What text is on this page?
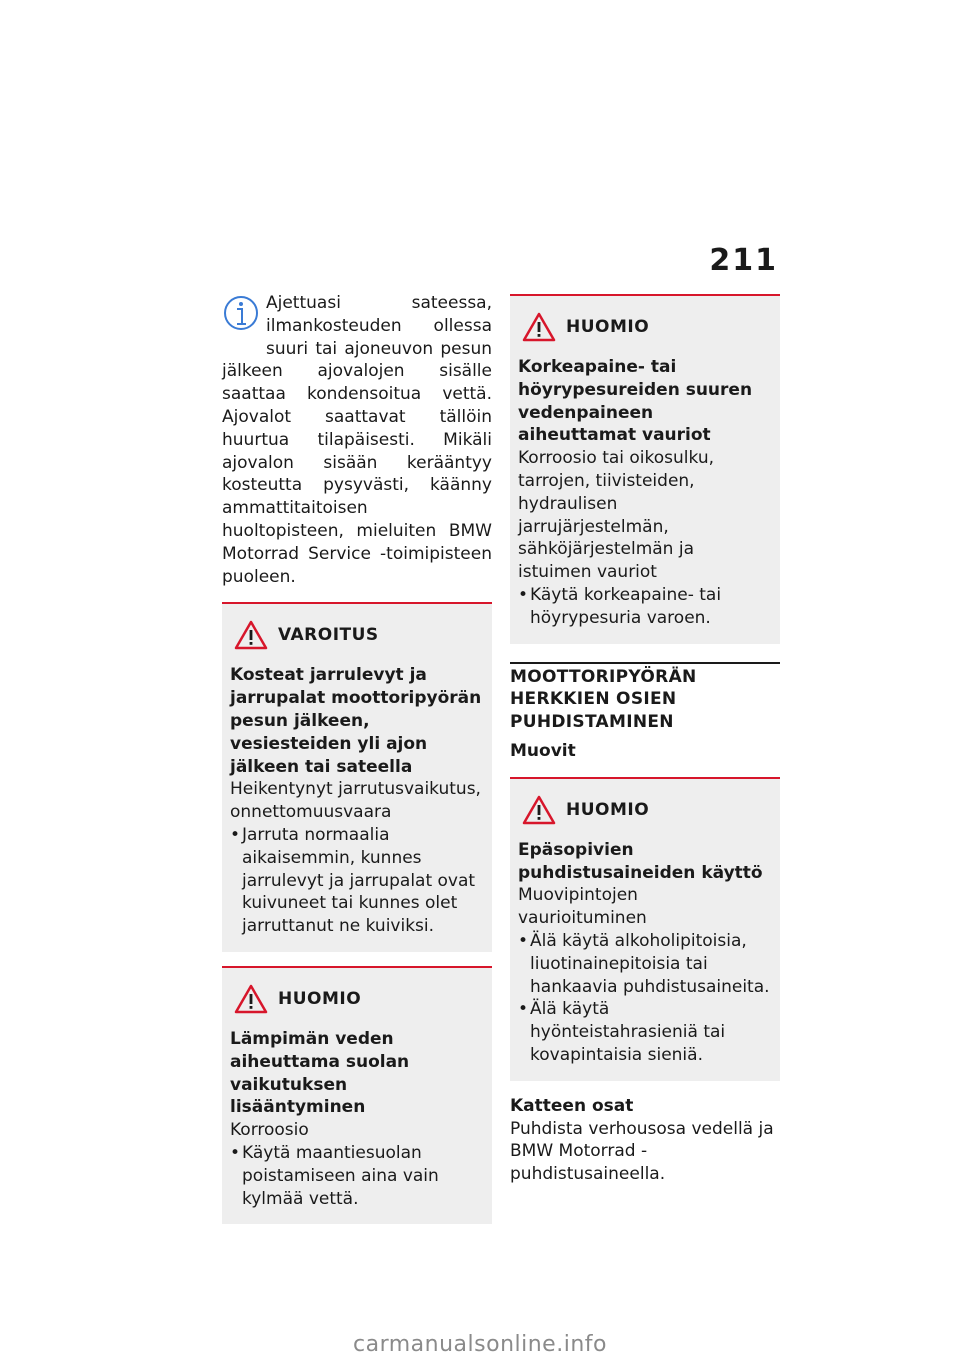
211

Ajettuasi sateessa, ilmankosteuden ollessa suuri tai ajoneuvon pesun jälkeen ajovalojen sisälle saattaa kondensoitua vettä. Ajovalot saattavat tällöin huurtua tilapäisesti. Mikäli ajovalon sisään kerääntyy kosteutta pysyvästi, käänny ammattitaitoisen huoltopisteen, mieluiten BMW Motorrad Service -toimipisteen puoleen.

VAROITUS

Kosteat jarrulevyt ja jarrupalat moottoripyörän pesun jälkeen, vesiesteiden yli ajon jälkeen tai sateella

Heikentynyt jarrutusvaikutus, onnettomuusvaara

• Jarruta normaalia aikaisemmin, kunnes jarrulevyt ja jarrupalat ovat kuivuneet tai kunnes olet jarruttanut ne kuiviksi.
HUOMIO

Lämpimän veden aiheuttama suolan vaikutuksen lisääntyminen

Korroosio

• Käytä maantiesuolan poistamiseen aina vain kylmää vettä.
HUOMIO

Korkeapaine- tai höyrypesureiden suuren vedenpaineen aiheuttamat vauriot

Korroosio tai oikosulku, tarrojen, tiivisteiden, hydraulisen jarrujärjestelmän, sähköjärjestelmän ja istuimen vauriot

• Käytä korkeapaine- tai höyrypesuria varoen.

MOOTTORIPYÖRÄN HERKKIEN OSIEN PUHDISTAMINEN

Muovit

HUOMIO

Epäsopivien puhdistusaineiden käyttö

Muovipintojen vaurioituminen

• Älä käytä alkoholipitoisia, liuotinainepitoisia tai hankaavia puhdistusaineita.
• Älä käytä hyönteistahrasieniä tai kovapintaisia sieniä.

Katteen osat

Puhdista verhousosa vedellä ja BMW Motorrad -puhdistusaineella.

carmanualsonline.info
